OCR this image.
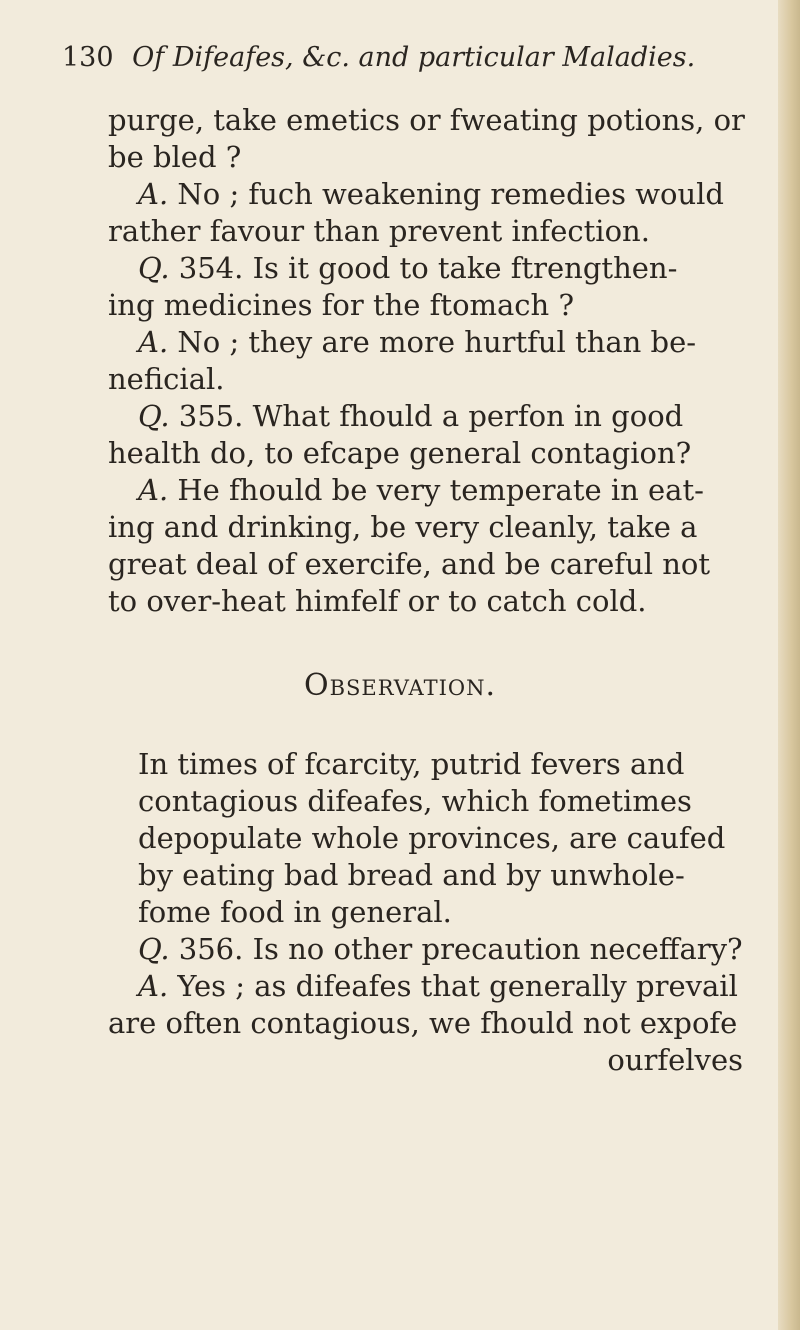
130 Of Difeafes, &c. and particular Maladies.
purge, take emetics or fweating potions, or
be bled ?
A. No ; fuch weakening remedies would
rather favour than prevent infection.
Q. 354. Is it good to take ftrengthen-
ing medicines for the ftomach ?
A. No ; they are more hurtful than be-
neficial.
Q. 355. What fhould a perfon in good
health do, to efcape general contagion?
A. He fhould be very temperate in eat-
ing and drinking, be very cleanly, take a
great deal of exercife, and be careful not
to over-heat himfelf or to catch cold.
Observation.
In times of fcarcity, putrid fevers and
contagious difeafes, which fometimes
depopulate whole provinces, are caufed
by eating bad bread and by unwhole-
fome food in general.
Q. 356. Is no other precaution neceffary?
A. Yes ; as difeafes that generally prevail
are often contagious, we fhould not expofe
ourfelves
